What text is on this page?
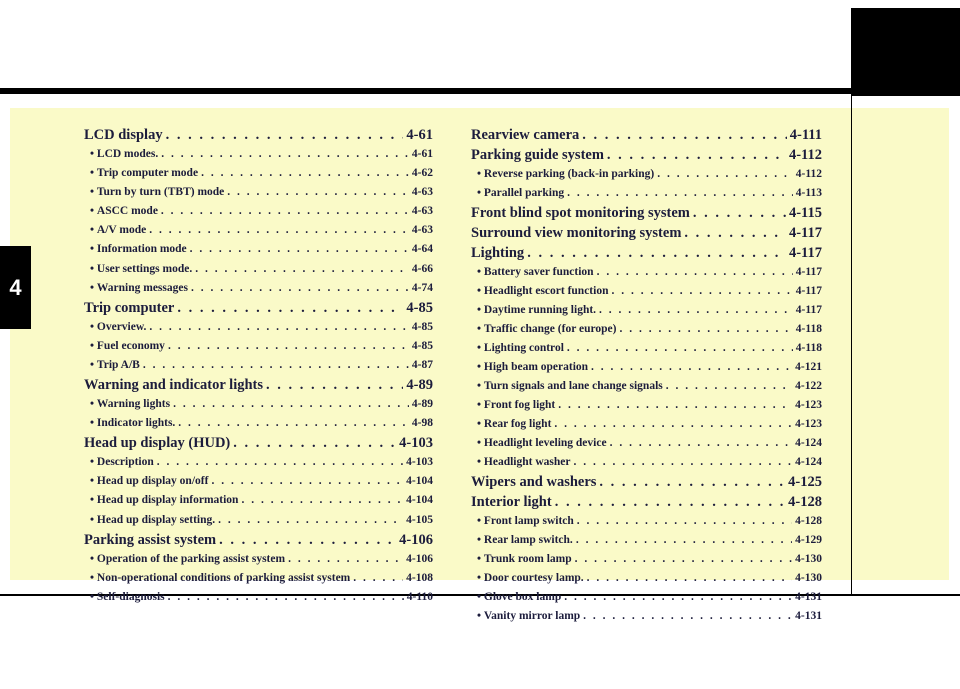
4
LCD display . . .	4-61
• LCD modes. . . .	4-61
• Trip computer mode . . .	4-62
• Turn by turn (TBT) mode . . .	4-63
• ASCC mode . . .	4-63
• A/V mode . . .	4-63
• Information mode . . .	4-64
• User settings mode. . . .	4-66
• Warning messages . . .	4-74
Trip computer . . .	4-85
• Overview. . . .	4-85
• Fuel economy . . .	4-85
• Trip A/B . . .	4-87
Warning and indicator lights . . .	4-89
• Warning lights . . .	4-89
• Indicator lights. . . .	4-98
Head up display (HUD) . . .	4-103
• Description . . .	4-103
• Head up display on/off . . .	4-104
• Head up display information . . .	4-104
• Head up display setting. . . .	4-105
Parking assist system . . .	4-106
• Operation of the parking assist system . . .	4-106
• Non-operational conditions of parking assist system . . .	4-108
• Self-diagnosis . . .	4-110
Rearview camera . . .	4-111
Parking guide system . . .	4-112
• Reverse parking (back-in parking) . . .	4-112
• Parallel parking . . .	4-113
Front blind spot monitoring system . . .	4-115
Surround view monitoring system . . .	4-117
Lighting . . .	4-117
• Battery saver function . . .	4-117
• Headlight escort function . . .	4-117
• Daytime running light. . . .	4-117
• Traffic change (for europe) . . .	4-118
• Lighting control . . .	4-118
• High beam operation . . .	4-121
• Turn signals and lane change signals . . .	4-122
• Front fog light . . .	4-123
• Rear fog light . . .	4-123
• Headlight leveling device . . .	4-124
• Headlight washer . . .	4-124
Wipers and washers . . .	4-125
Interior light . . .	4-128
• Front lamp switch . . .	4-128
• Rear lamp switch. . . .	4-129
• Trunk room lamp . . .	4-130
• Door courtesy lamp. . . .	4-130
• Glove box lamp . . .	4-131
• Vanity mirror lamp . . .	4-131
